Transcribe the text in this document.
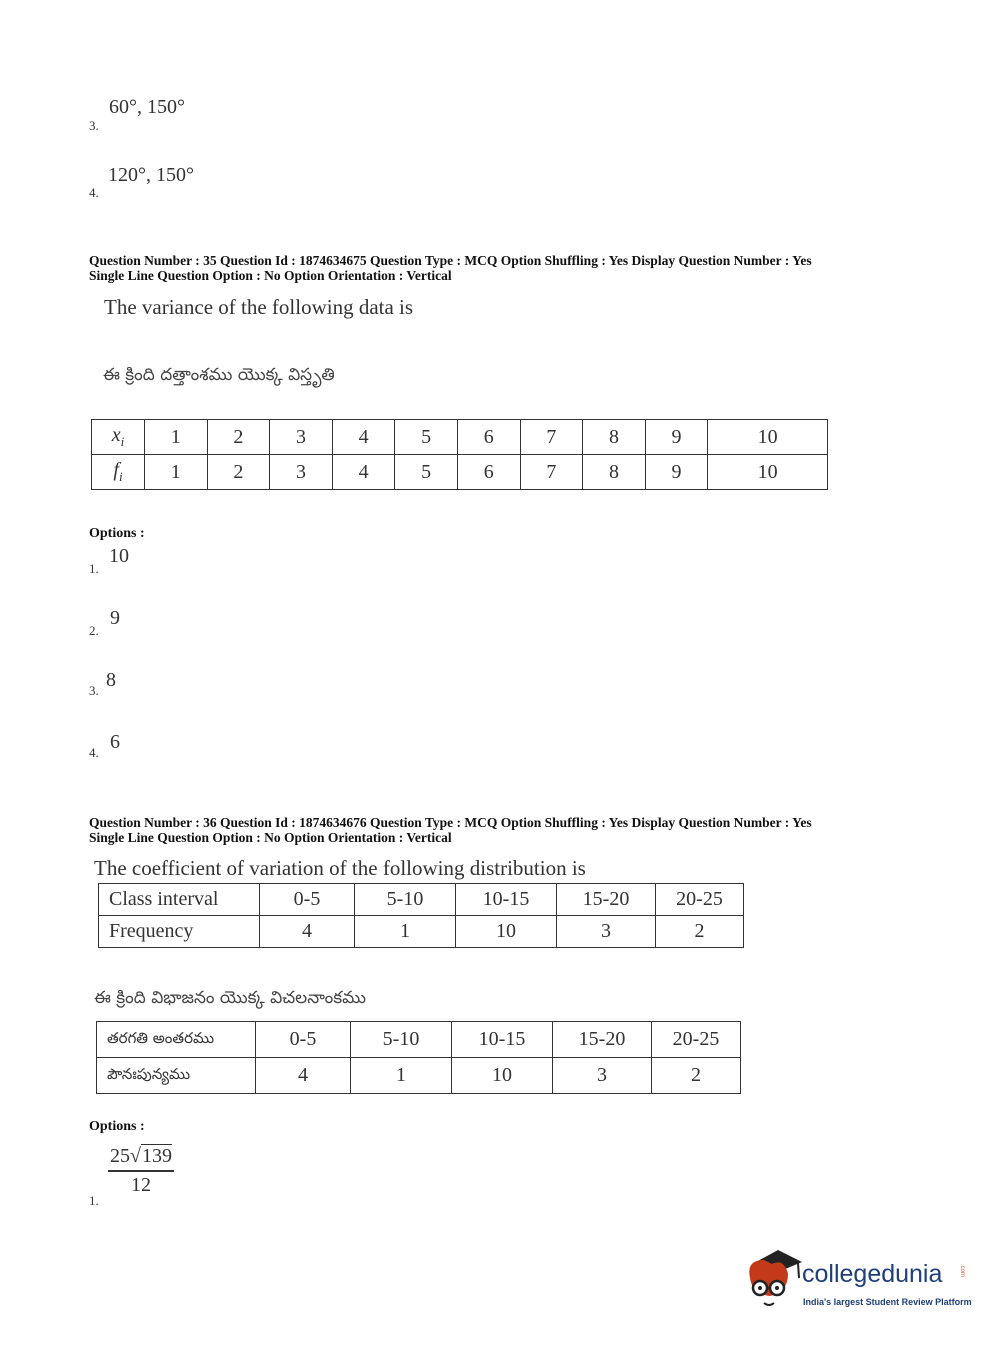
60°, 150°
3.
120°, 150°
4.
Question Number : 35 Question Id : 1874634675 Question Type : MCQ Option Shuffling : Yes Display Question Number : Yes
Single Line Question Option : No Option Orientation : Vertical
The variance of the following data is
ఈ క్రింది దత్తాంశము యొక్క విస్తృతి
$x_i$	1	2	3	4	5	6	7	8	9	10
$f_i$	1	2	3	4	5	6	7	8	9	10
Options :
10
1.
9
2.
8
3.
6
4.
Question Number : 36 Question Id : 1874634676 Question Type : MCQ Option Shuffling : Yes Display Question Number : Yes
Single Line Question Option : No Option Orientation : Vertical
The coefficient of variation of the following distribution is
Class interval	0-5	5-10	10-15	15-20	20-25
Frequency	4	1	10	3	2
ఈ క్రింది విభాజనం యొక్క విచలనాంకము
తరగతి అంతరము	0-5	5-10	10-15	15-20	20-25
పౌనఃపున్యము	4	1	10	3	2
Options :
25√139
12
1.
collegedunia	.com
India's largest Student Review Platform
